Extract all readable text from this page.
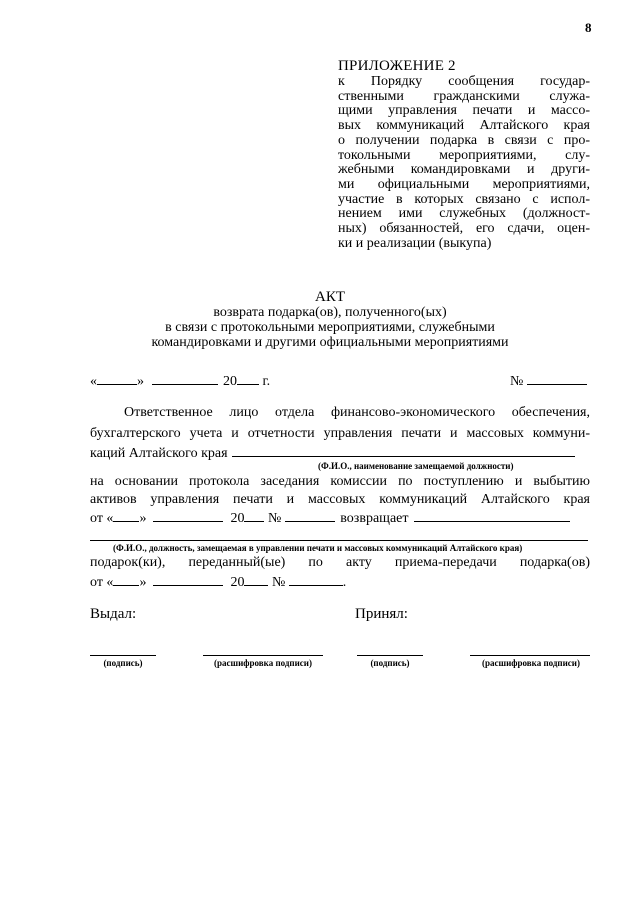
8
ПРИЛОЖЕНИЕ 2
к Порядку сообщения государ-
ственными гражданскими служа-
щими управления печати и массо-
вых коммуникаций Алтайского края
о получении подарка в связи с про-
токольными мероприятиями, слу-
жебными командировками и други-
ми официальными мероприятиями,
участие в которых связано с испол-
нением ими служебных (должност-
ных) обязанностей, его сдачи, оцен-
ки и реализации (выкупа)
АКТ
возврата подарка(ов), полученного(ых)
в связи с протокольными мероприятиями, служебными
командировками и другими официальными мероприятиями
«	»	20 г.	№

Ответственное лицо отдела финансово-экономического обеспечения,

бухгалтерского учета и отчетности управления печати и массовых коммуни-
каций Алтайского края
(Ф.И.О., наименование замещаемой должности)
на основании протокола заседания комиссии по поступлению и выбытию
активов управления печати и массовых коммуникаций Алтайского края
от « »	20 №	возвращает
(Ф.И.О., должность, замещаемая в управлении печати и массовых коммуникаций Алтайского края)
подарок(ки), переданный(ые) по акту приема-передачи подарка(ов)
от « »	20 №	.
Выдал:	Принял:
(подпись)	(расшифровка подписи)	(подпись)	(расшифровка подписи)
